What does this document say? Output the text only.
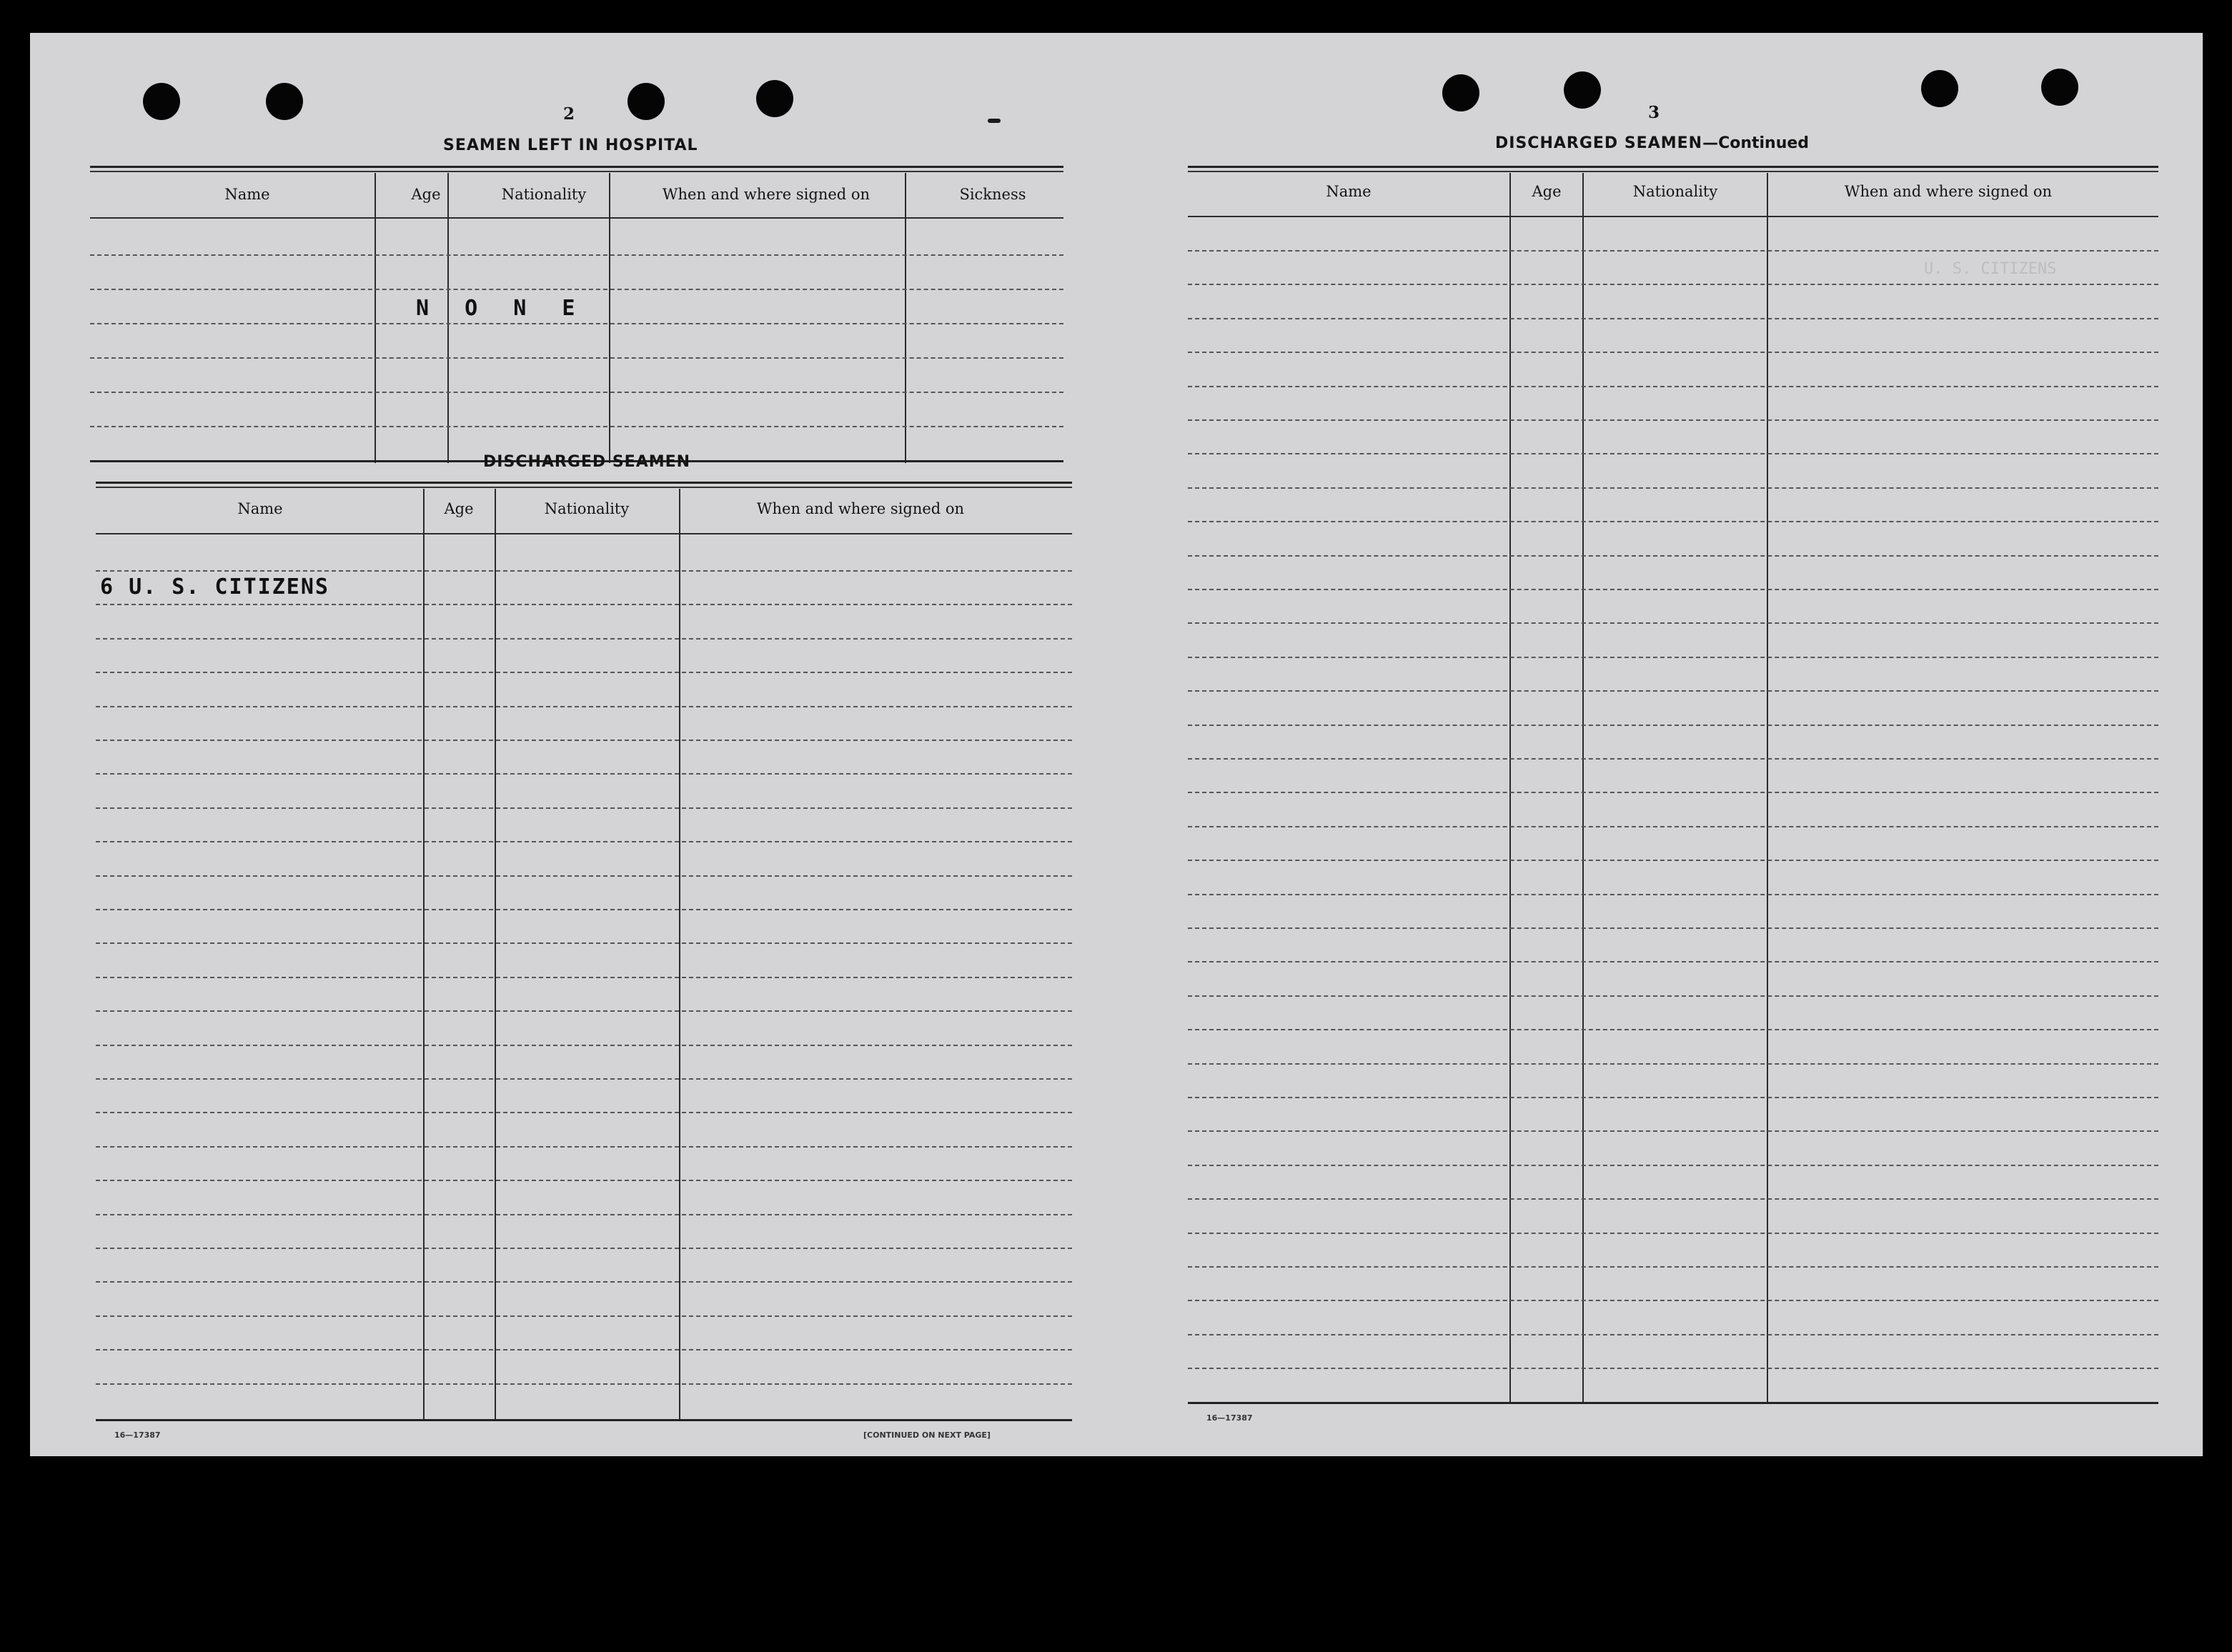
U. S. CITIZENS
2
SEAMEN LEFT IN HOSPITAL
Name	Age	Nationality	When and where signed on	Sickness
N O N E
DISCHARGED SEAMEN
Name	Age	Nationality	When and where signed on
6 U. S. CITIZENS
16—17387	[CONTINUED ON NEXT PAGE]
3
DISCHARGED SEAMEN—Continued
Name	Age	Nationality	When and where signed on
16—17387
